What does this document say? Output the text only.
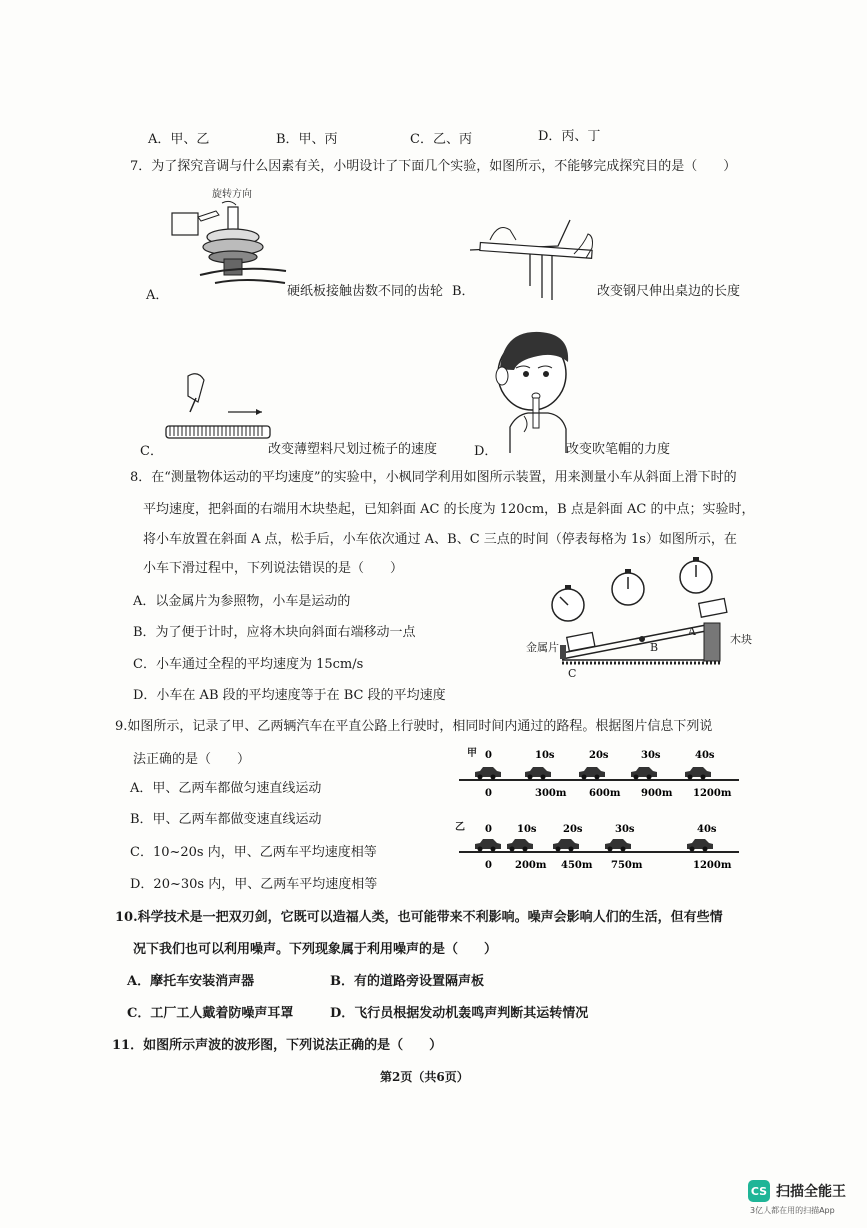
A．甲、乙	B．甲、丙	C．乙、丙	D．丙、丁
7．为了探究音调与什么因素有关，小明设计了下面几个实验，如图所示，不能够完成探究目的是（　　）
旋转方向
A．	硬纸板接触齿数不同的齿轮 B．	改变钢尺伸出桌边的长度
C．	改变薄塑料尺划过梳子的速度	D．	改变吹笔帽的力度
8．在“测量物体运动的平均速度”的实验中，小枫同学利用如图所示装置，用来测量小车从斜面上滑下时的
平均速度，把斜面的右端用木块垫起，已知斜面 AC 的长度为 120cm，B 点是斜面 AC 的中点；实验时，
将小车放置在斜面 A 点，松手后，小车依次通过 A、B、C 三点的时间（停表每格为 1s）如图所示，在
小车下滑过程中，下列说法错误的是（　　）
A．以金属片为参照物，小车是运动的
B．为了便于计时，应将木块向斜面右端移动一点
C．小车通过全程的平均速度为 15cm/s
D．小车在 AB 段的平均速度等于在 BC 段的平均速度
金属片
木块
A
B
C
9.如图所示，记录了甲、乙两辆汽车在平直公路上行驶时，相同时间内通过的路程。根据图片信息下列说
法正确的是（　　）
A．甲、乙两车都做匀速直线运动
B．甲、乙两车都做变速直线运动
C．10~20s 内，甲、乙两车平均速度相等
D．20~30s 内，甲、乙两车平均速度相等
甲
乙
0	10s	20s	30s	40s
0	300m 600m 900m 1200m
0	10s	20s	30s	40s
0 200m 450m 750m	1200m
10.科学技术是一把双刃剑，它既可以造福人类，也可能带来不利影响。噪声会影响人们的生活，但有些情
况下我们也可以利用噪声。下列现象属于利用噪声的是（　　）
A．摩托车安装消声器	B．有的道路旁设置隔声板
C．工厂工人戴着防噪声耳罩	D．飞行员根据发动机轰鸣声判断其运转情况
11．如图所示声波的波形图，下列说法正确的是（　　）
第2页（共6页）
CS 扫描全能王
3亿人都在用的扫描App
